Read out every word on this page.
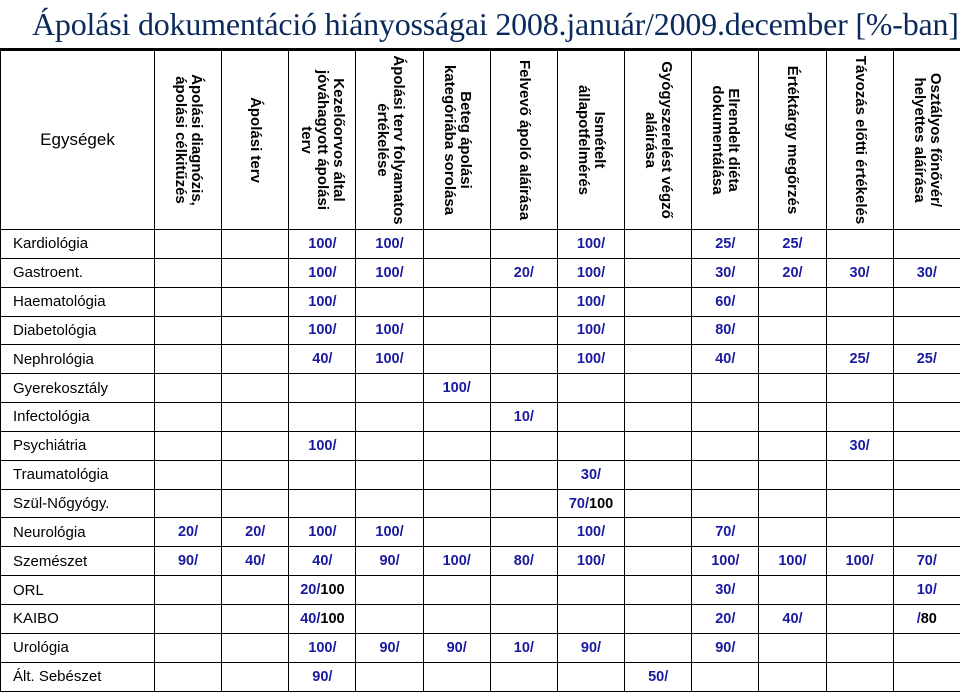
Ápolási dokumentáció hiányosságai 2008.január/2009.december [%-ban]
Egységek	Ápolási diagnózis, ápolási célkitűzés	Ápolási terv	Kezelőorvos által jóváhagyott ápolási terv	Ápolási terv folyamatos értékelése	Beteg ápolási kategóriába sorolása	Felvevő ápoló aláírása	Ismételt állapotfelmérés	Gyógyszerelést végző aláírása	Elrendelt diéta dokumentálása	Értéktárgy megőrzés	Távozás előtti értékelés	Osztályos főnővér/ helyettes aláírása

Kardiológia			100/	100/			100/		25/	25/		
Gastroent.			100/	100/		20/	100/		30/	20/	30/	30/
Haematológia			100/				100/		60/			
Diabetológia			100/	100/			100/		80/			
Nephrológia			40/	100/			100/		40/		25/	25/
Gyerekosztály					100/							
Infectológia						10/						
Psychiátria			100/								30/	
Traumatológia							30/					
Szül-Nőgyógy.							70/100					
Neurológia	20/	20/	100/	100/			100/		70/			
Szemészet	90/	40/	40/	90/	100/	80/	100/		100/	100/	100/	70/
ORL			20/100						30/			10/
KAIBO			40/100						20/	40/		/80
Urológia			100/	90/	90/	10/	90/		90/			
Ált. Sebészet			90/					50/				
